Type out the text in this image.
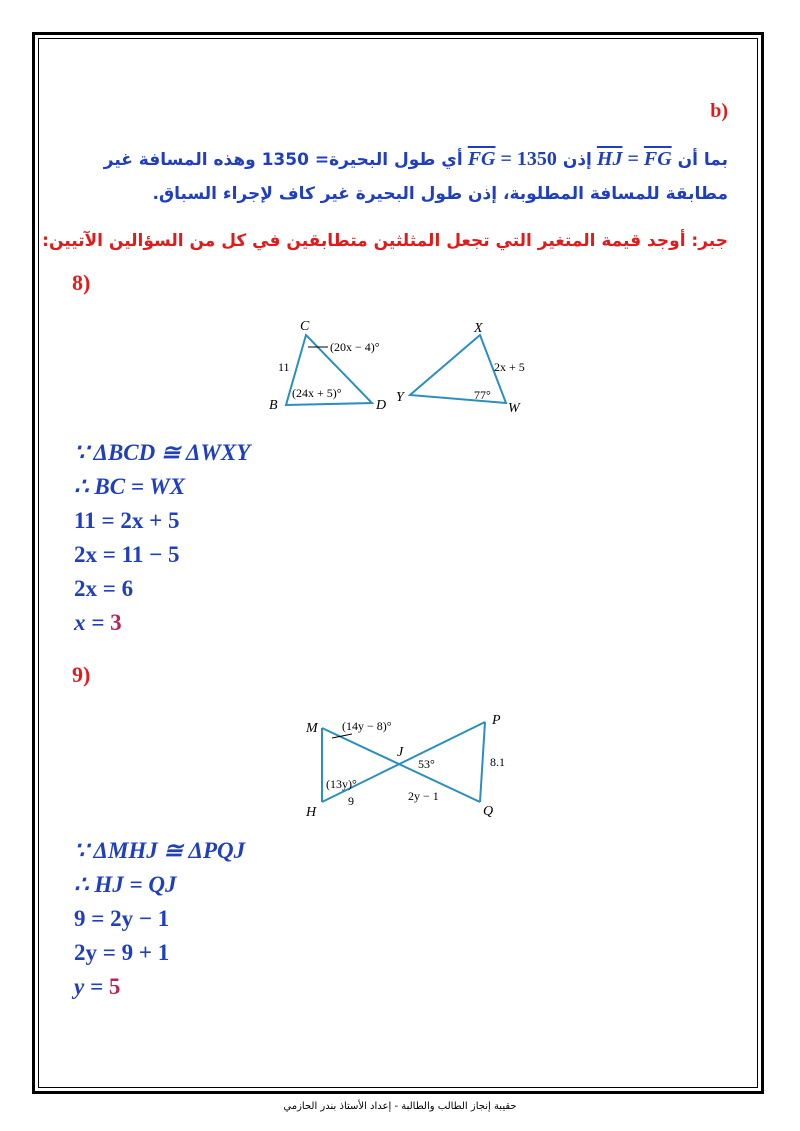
(b
بما أن $\overline{HJ} = \overline{FG}$ إذن $\overline{FG} = 1350$ أي طول البحيرة= 1350 وهذه المسافة غير
مطابقة للمسافة المطلوبة، إذن طول البحيرة غير كاف لإجراء السباق.
جبر: أوجد قيمة المتغير التي تجعل المثلثين متطابقين في كل من السؤالين الآتيين:
8)
C
B	D
X
Y
W
11
(20x − 4)°
(24x + 5)°
2x + 5
77°
∵ ΔBCD ≅ ΔWXY
∴ BC = WX
11 = 2x + 5
2x = 11 − 5
2x = 6
x = 3
9)
M
H
J
P
Q
(14y − 8)°
(13y)°
9
53°
2y − 1
8.1
∵ ΔMHJ ≅ ΔPQJ
∴ HJ = QJ
9 = 2y − 1
2y = 9 + 1
y = 5
حقيبة إنجاز الطالب والطالبة - إعداد الأستاذ بندر الحازمي
